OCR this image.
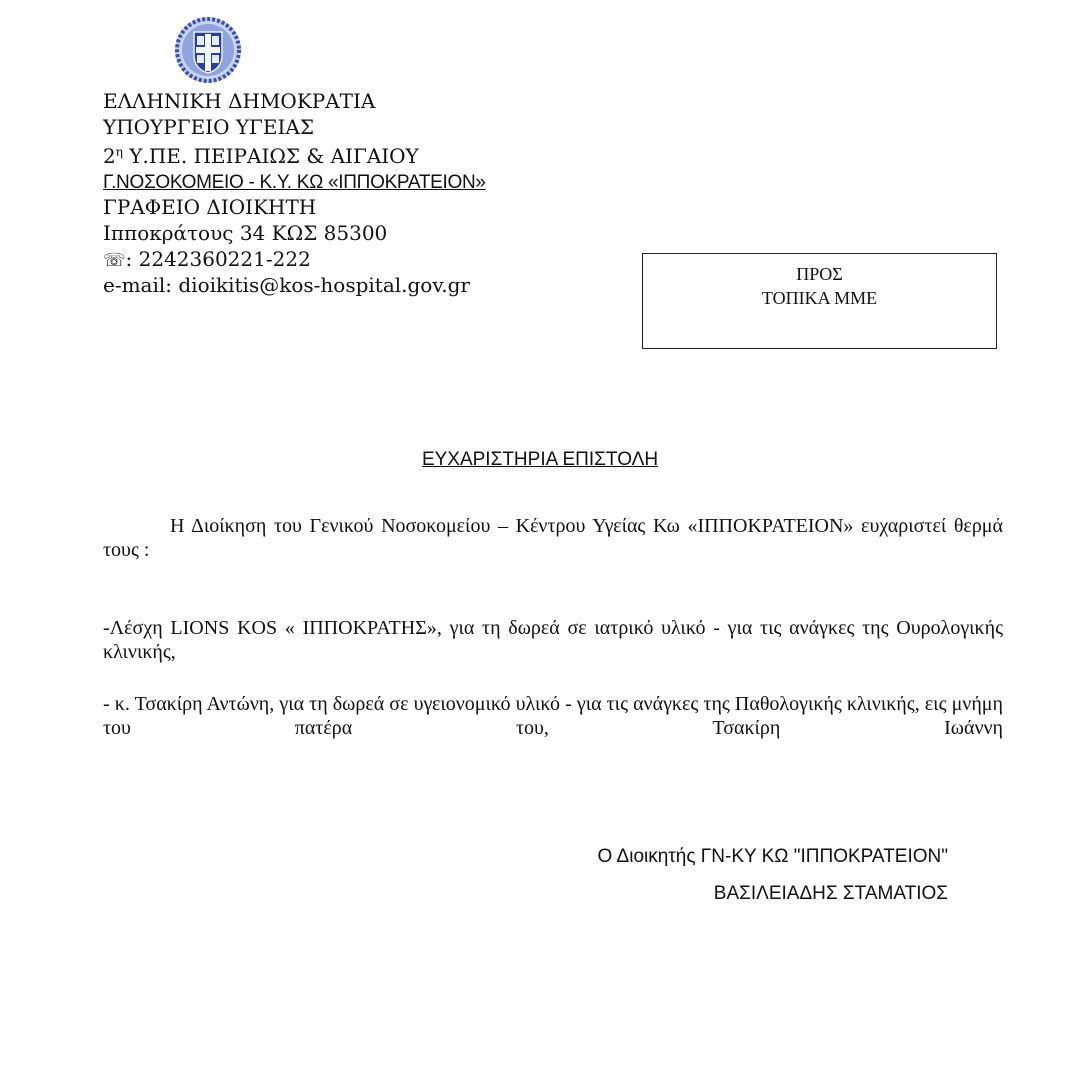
ΕΛΛΗΝΙΚΗ ΔΗΜΟΚΡΑΤΙΑ
ΥΠΟΥΡΓΕΙΟ ΥΓΕΙΑΣ
$2^\eta$ Υ.ΠΕ. ΠΕΙΡΑΙΩΣ & ΑΙΓΑΙΟΥ
Γ.ΝΟΣΟΚΟΜΕΙΟ - Κ.Υ. ΚΩ «ΙΠΠΟΚΡΑΤΕΙΟΝ»
ΓΡΑΦΕΙΟ ΔΙΟΙΚΗΤΗ
Ιπποκράτους 34 ΚΩΣ 85300
☏: 2242360221-222
e-mail: dioikitis@kos-hospital.gov.gr	ΠΡΟΣ
ΤΟΠΙΚΑ ΜΜΕ
ΕΥΧΑΡΙΣΤΗΡΙΑ ΕΠΙΣΤΟΛΗ
Η Διοίκηση του Γενικού Νοσοκομείου – Κέντρου Υγείας Κω «ΙΠΠΟΚΡΑΤΕΙΟΝ» ευχαριστεί θερμά τους :
-Λέσχη LIONS KOS « ΙΠΠΟΚΡΑΤΗΣ», για τη δωρεά σε ιατρικό υλικό - για τις ανάγκες της Ουρολογικής κλινικής,
- κ. Τσακίρη Αντώνη, για τη δωρεά σε υγειονομικό υλικό - για τις ανάγκες της Παθολογικής κλινικής, εις μνήμη του πατέρα του, Τσακίρη Ιωάννη
Ο Διοικητής ΓΝ-ΚΥ ΚΩ "ΙΠΠΟΚΡΑΤΕΙΟΝ"
ΒΑΣΙΛΕΙΑΔΗΣ ΣΤΑΜΑΤΙΟΣ
